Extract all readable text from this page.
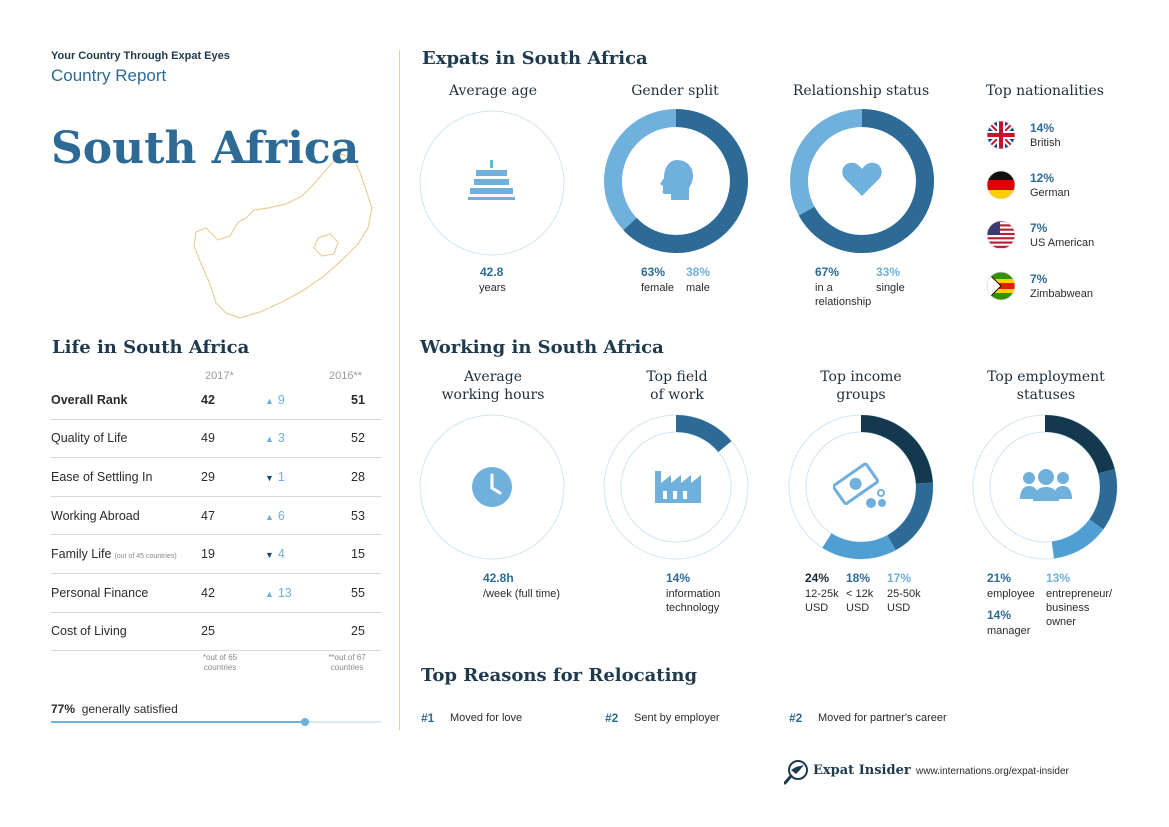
Your Country Through Expat Eyes
Country Report
South Africa
Life in South Africa
2017*	2016**
Overall Rank	42	▲ 9	51
Quality of Life	49	▲ 3	52
Ease of Settling In	29	▼ 1	28
Working Abroad	47	▲ 6	53
Family Life (out of 45 countries)	19	▼ 4	15
Personal Finance	42	▲ 13	55
Cost of Living	25		25
*out of 65 countries
**out of 67 countries
77% generally satisfied
Expats in South Africa
Average age	Gender split	Relationship status	Top nationalities
42.8
years
63%
female
38%
male
67%
in a
relationship
33%
single
14%
British
12%
German
7%
US American
7%
Zimbabwean
Working in South Africa
Average
working hours
Top field
of work
Top income
groups
Top employment
statuses
42.8h
/week (full time)
14%
information
technology
24%
12-25k
USD
18%
< 12k
USD
17%
25-50k
USD
21%
employee
14%
manager
13%
entrepreneur/
business
owner
Top Reasons for Relocating
#1 Moved for love	#2 Sent by employer	#2 Moved for partner's career
Expat Insider www.internations.org/expat-insider
